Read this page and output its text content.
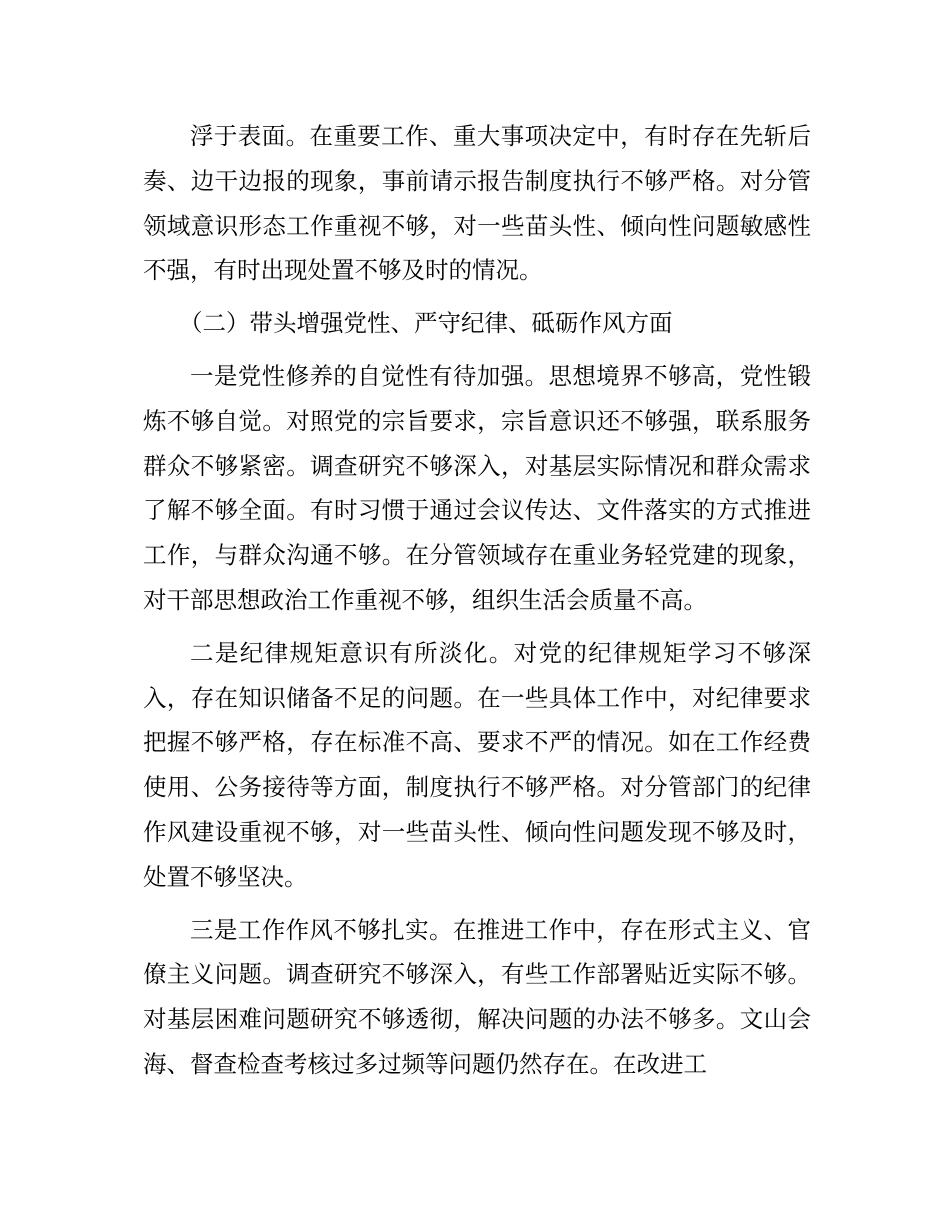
浮于表面。在重要工作、重大事项决定中，有时存在先斩后奏、边干边报的现象，事前请示报告制度执行不够严格。对分管领域意识形态工作重视不够，对一些苗头性、倾向性问题敏感性不强，有时出现处置不够及时的情况。

（二）带头增强党性、严守纪律、砥砺作风方面

一是党性修养的自觉性有待加强。思想境界不够高，党性锻炼不够自觉。对照党的宗旨要求，宗旨意识还不够强，联系服务群众不够紧密。调查研究不够深入，对基层实际情况和群众需求了解不够全面。有时习惯于通过会议传达、文件落实的方式推进工作，与群众沟通不够。在分管领域存在重业务轻党建的现象，对干部思想政治工作重视不够，组织生活会质量不高。

二是纪律规矩意识有所淡化。对党的纪律规矩学习不够深入，存在知识储备不足的问题。在一些具体工作中，对纪律要求把握不够严格，存在标准不高、要求不严的情况。如在工作经费使用、公务接待等方面，制度执行不够严格。对分管部门的纪律作风建设重视不够，对一些苗头性、倾向性问题发现不够及时，处置不够坚决。

三是工作作风不够扎实。在推进工作中，存在形式主义、官僚主义问题。调查研究不够深入，有些工作部署贴近实际不够。对基层困难问题研究不够透彻，解决问题的办法不够多。文山会海、督查检查考核过多过频等问题仍然存在。在改进工
